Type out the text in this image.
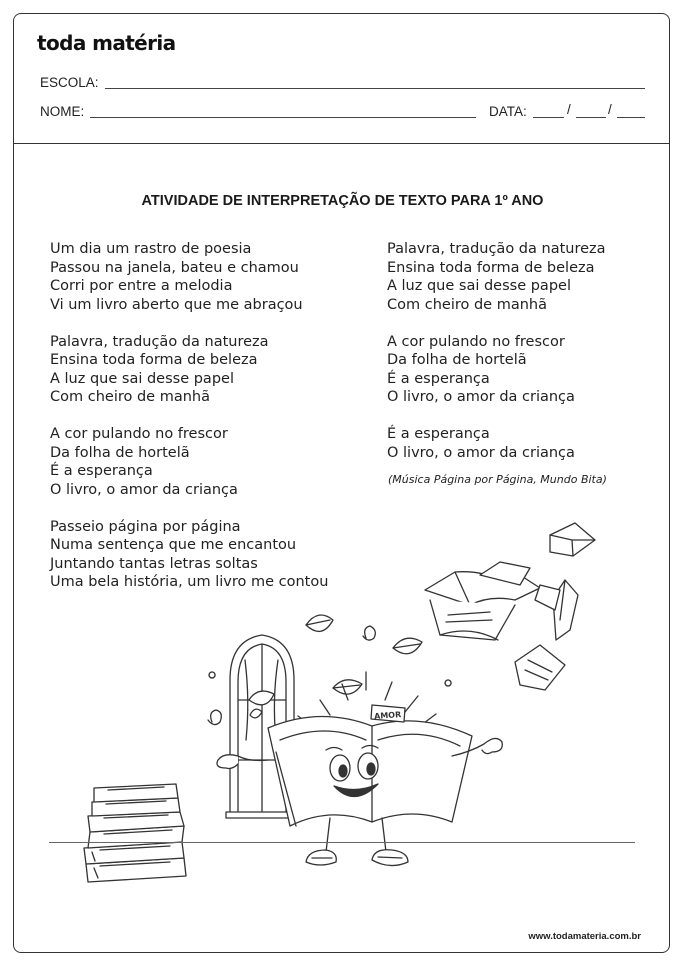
toda matéria
ESCOLA:
NOME:	DATA:	/	/
ATIVIDADE DE INTERPRETAÇÃO DE TEXTO PARA 1º ANO
Um dia um rastro de poesia
Passou na janela, bateu e chamou
Corri por entre a melodia
Vi um livro aberto que me abraçou
Palavra, tradução da natureza
Ensina toda forma de beleza
A luz que sai desse papel
Com cheiro de manhã
A cor pulando no frescor
Da folha de hortelã
É a esperança
O livro, o amor da criança
Passeio página por página
Numa sentença que me encantou
Juntando tantas letras soltas
Uma bela história, um livro me contou
Palavra, tradução da natureza
Ensina toda forma de beleza
A luz que sai desse papel
Com cheiro de manhã
A cor pulando no frescor
Da folha de hortelã
É a esperança
O livro, o amor da criança
É a esperança
O livro, o amor da criança
(Música Página por Página, Mundo Bita)
AMOR
www.todamateria.com.br
